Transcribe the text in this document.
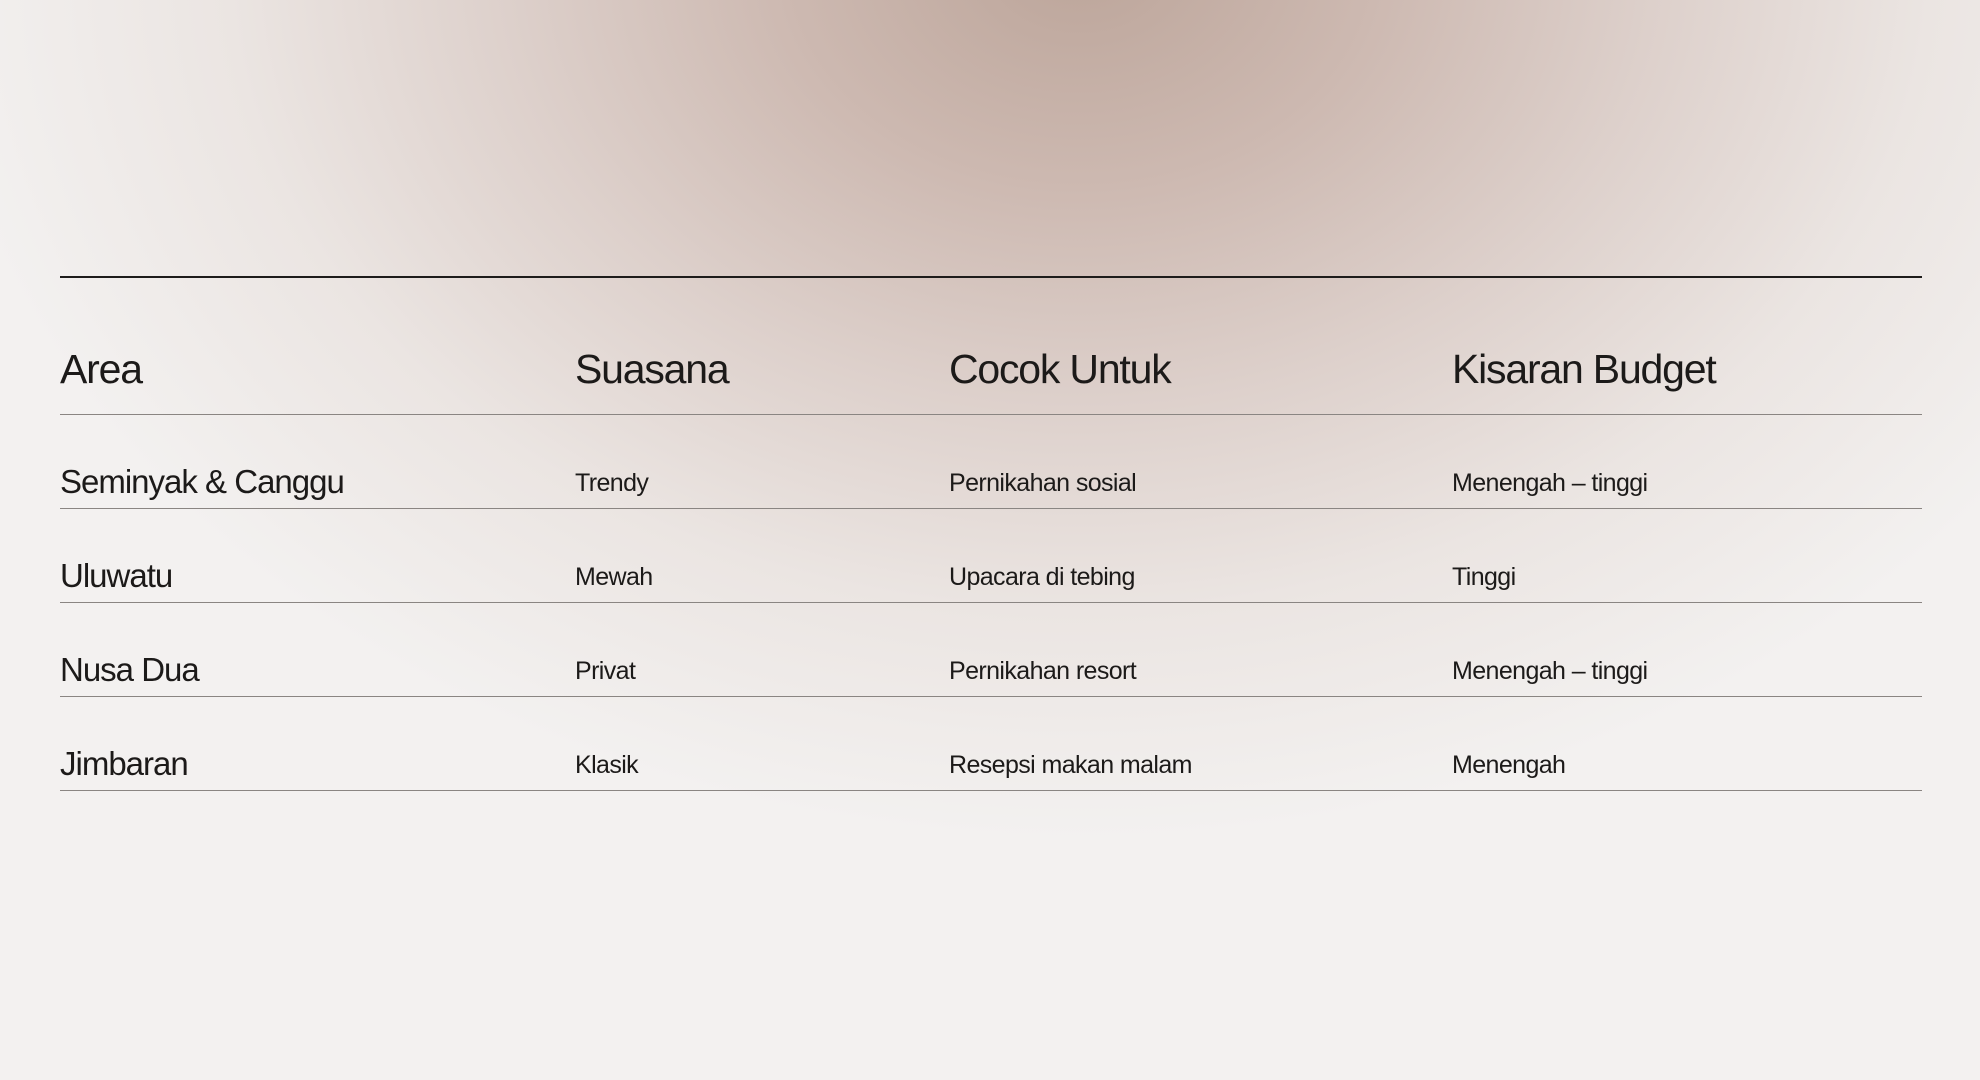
Area	Suasana	Cocok Untuk	Kisaran Budget
Seminyak & Canggu	Trendy	Pernikahan sosial	Menengah – tinggi
Uluwatu	Mewah	Upacara di tebing	Tinggi
Nusa Dua	Privat	Pernikahan resort	Menengah – tinggi
Jimbaran	Klasik	Resepsi makan malam	Menengah
